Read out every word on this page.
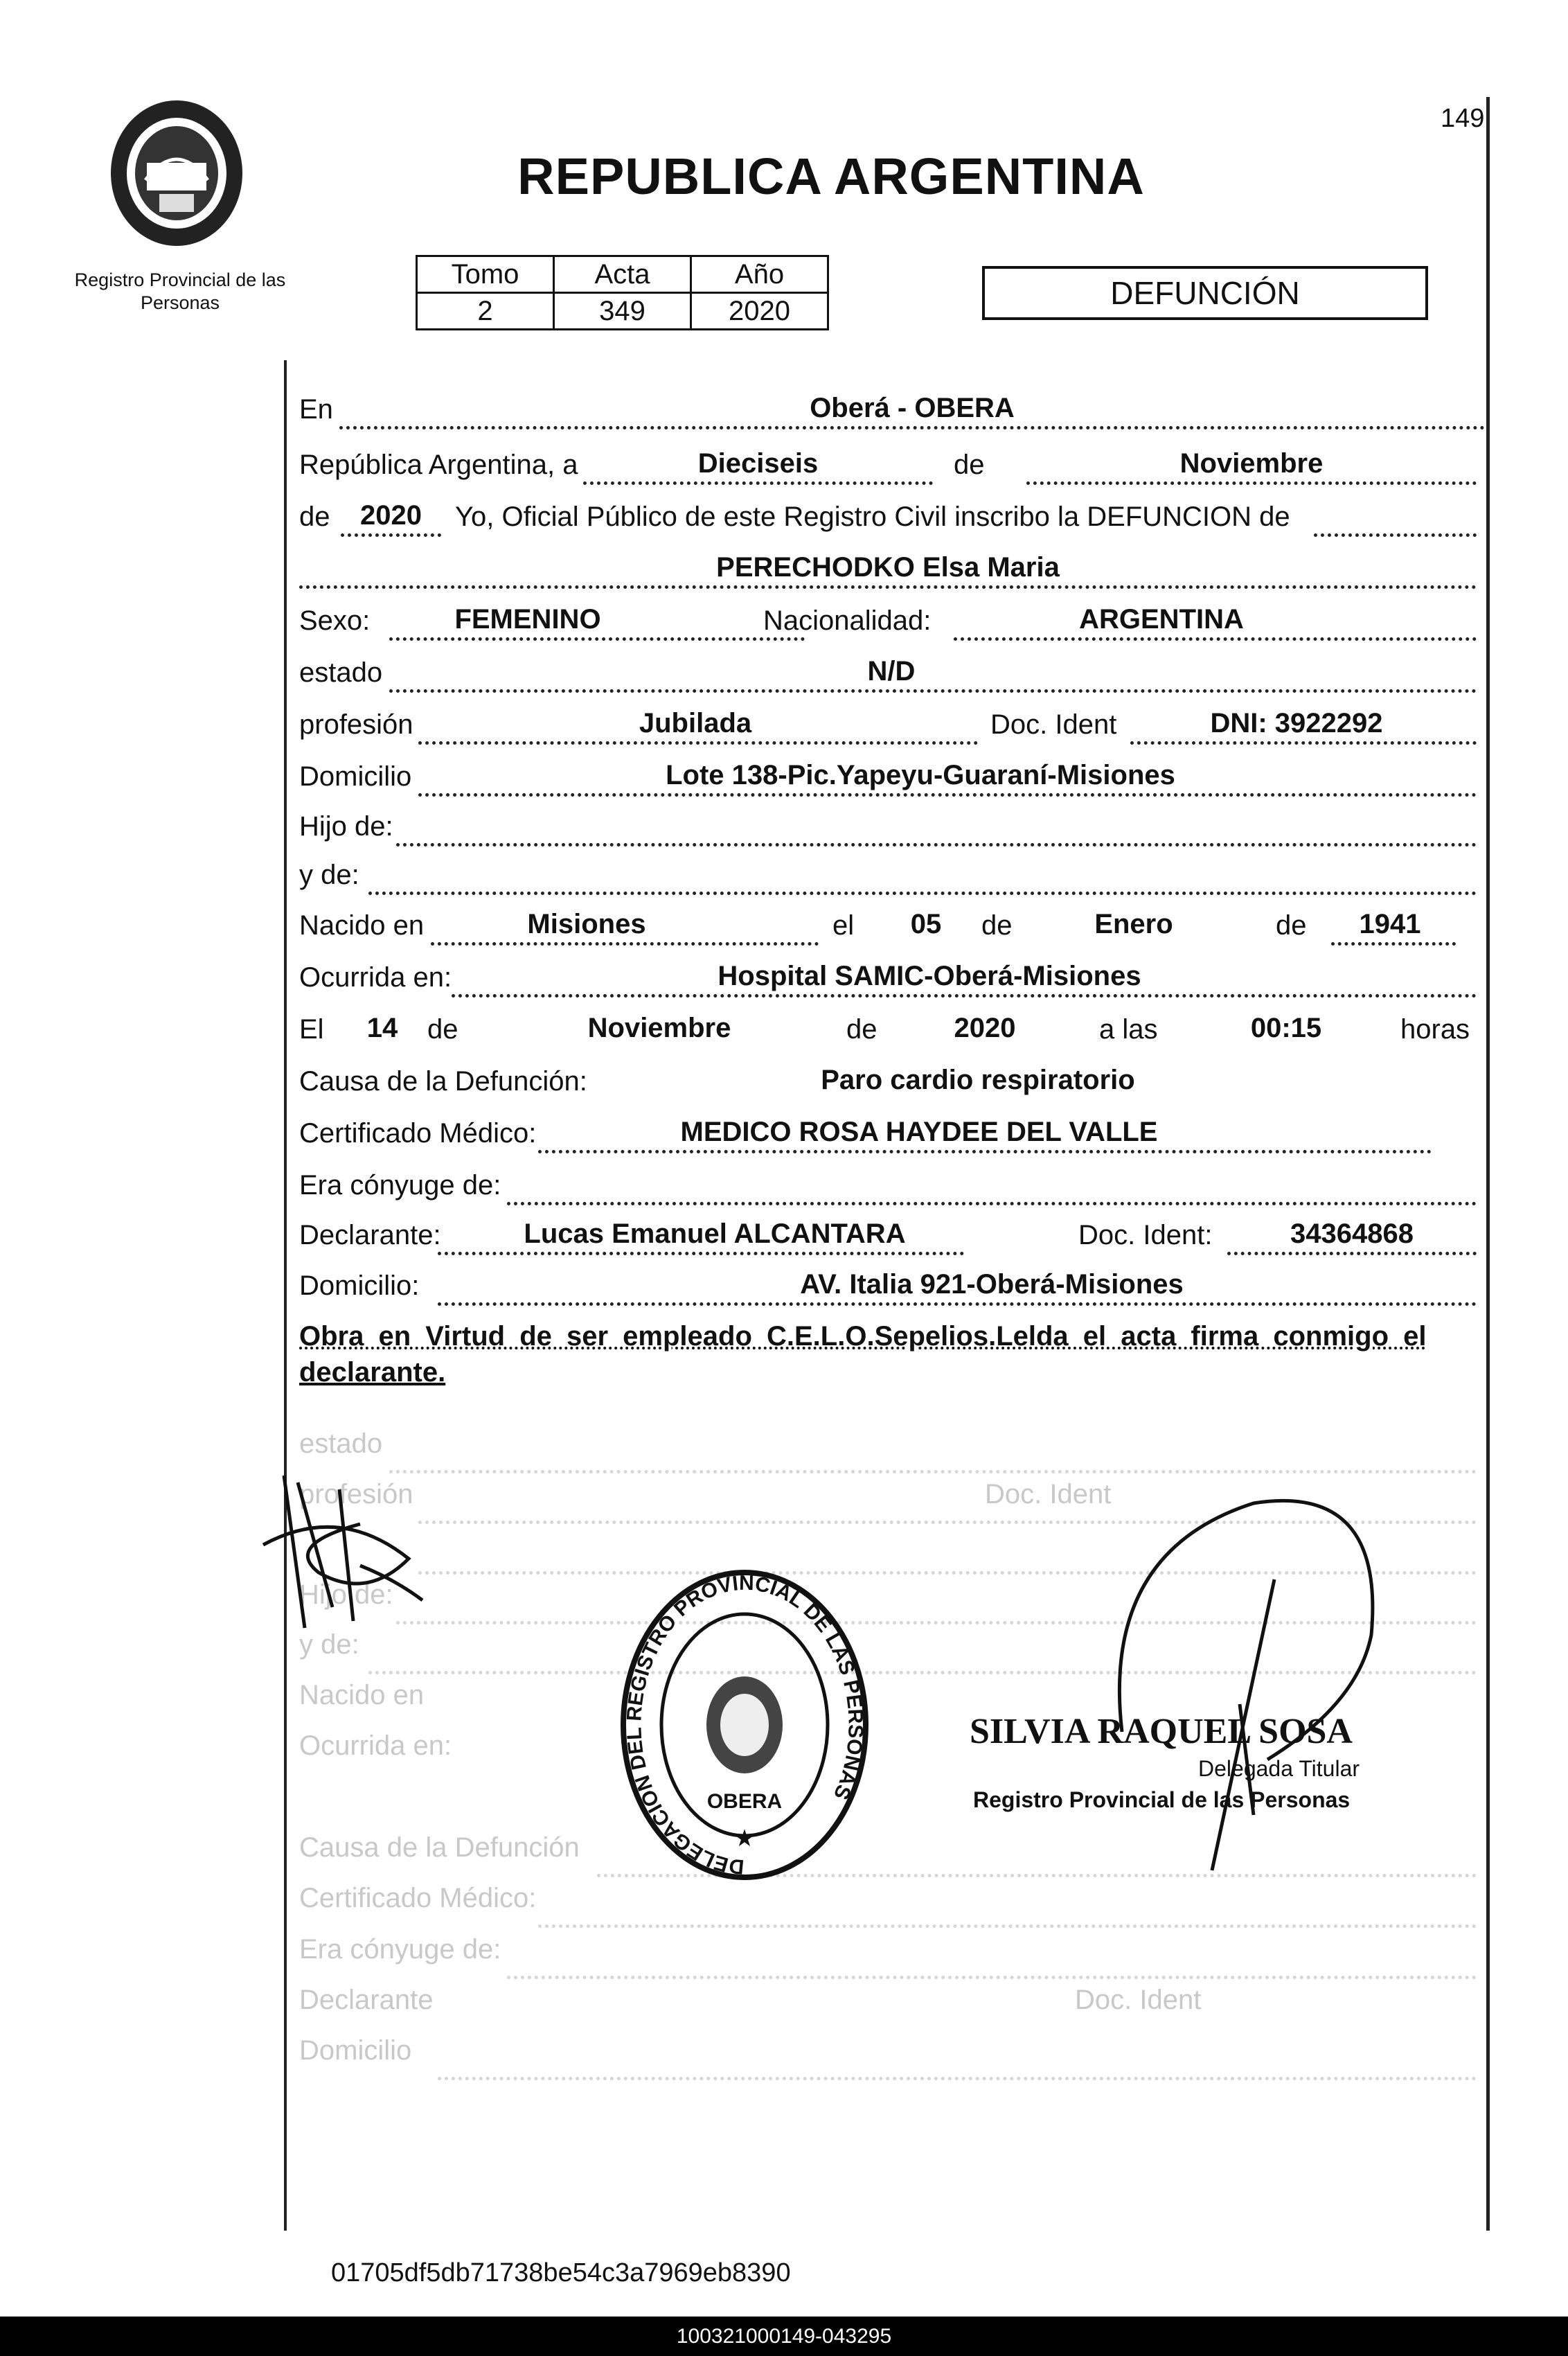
Registro Provincial de las Personas
149
REPUBLICA ARGENTINA
Tomo	Acta	Año
2	349	2020	DEFUNCIÓN
En	Oberá - OBERA
República Argentina, a	Dieciseis	de	Noviembre
de	2020	Yo, Oficial Público de este Registro Civil inscribo la DEFUNCION de
PERECHODKO Elsa Maria
Sexo:	FEMENINO	Nacionalidad:	ARGENTINA
estado	N/D
profesión	Jubilada	Doc. Ident	DNI: 3922292
Domicilio	Lote 138-Pic.Yapeyu-Guaraní-Misiones
Hijo de:
y de:
Nacido en	Misiones	el	05	de	Enero	de	1941
Ocurrida en:	Hospital SAMIC-Oberá-Misiones
El	14	de	Noviembre	de	2020	a las	00:15	horas
Causa de la Defunción:	Paro cardio respiratorio
Certificado Médico:	MEDICO ROSA HAYDEE DEL VALLE
Era cónyuge de:
Declarante:	Lucas Emanuel ALCANTARA	Doc. Ident:	34364868
Domicilio:	AV. Italia 921-Oberá-Misiones
Obra en Virtud de ser empleado C.E.L.O.Sepelios.Lelda el acta firma conmigo el
declarante.
estado
profesión	Doc. Ident
Hijo de:
y de:
Nacido en
Ocurrida en:
Causa de la Defunción
Certificado Médico:
Era cónyuge de:
Declarante	Doc. Ident
Domicilio
DELEGACION DEL REGISTRO PROVINCIAL DE LAS PERSONAS
OBERA
★
SILVIA RAQUEL SOSA
Delegada Titular
Registro Provincial de las Personas
01705df5db71738be54c3a7969eb8390
100321000149-043295
